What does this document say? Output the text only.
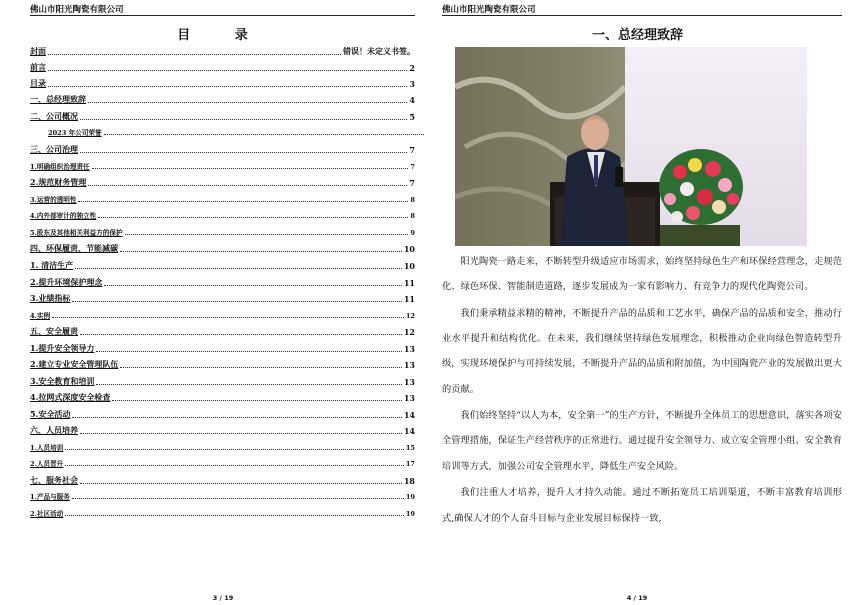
佛山市阳光陶瓷有限公司
目 录
封面	错误！未定义书签。
前言	2
目录	3
一、总经理致辞	4
二、公司概况	5
2023 年公司荣誉
三、公司治理	7
1.明确组织治理责任	7
2.规范财务管理	7
3.运营的透明性	8
4.内外部审计的独立性	8
5.股东及其他相关利益方的保护	9
四、环保履责、节能减碳	10
1. 清洁生产	10
2.提升环境保护理念	11
3.业绩指标	11
4.实例	12
五、安全履责	12
1.提升安全领导力	13
2.建立专业安全管理队伍	13
3.安全教育和培训	13
4.拉网式深度安全检查	13
5.安全活动	14
六、人员培养	14
1.人员培训	15
2.人员晋升	17
七、服务社会	18
1.产品与服务	19
2.社区活动	19
3 / 19
佛山市阳光陶瓷有限公司
一、总经理致辞

阳光陶瓷一路走来，不断转型升级适应市场需求，始终坚持绿色生产和环保经营理念，走规范化、绿色环保、智能制造道路，逐步发展成为一家有影响力、有竞争力的现代化陶瓷公司。

我们秉承精益求精的精神，不断提升产品的品质和工艺水平，确保产品的品质和安全，推动行业水平提升和结构优化。在未来，我们继续坚持绿色发展理念，积极推动企业向绿色智造转型升级，实现环境保护与可持续发展，不断提升产品的品质和附加值，为中国陶瓷产业的发展做出更大的贡献。

我们始终坚持“以人为本，安全第一”的生产方针，不断提升全体员工的思想意识，落实各项安全管理措施，保证生产经营秩序的正常进行。通过提升安全领导力、成立安全管理小组、安全教育培训等方式，加强公司安全管理水平，降低生产安全风险。

我们注重人才培养，提升人才持久动能。通过不断拓宽员工培训渠道，不断丰富教育培训形式,确保人才的个人奋斗目标与企业发展目标保持一致,

4 / 19
